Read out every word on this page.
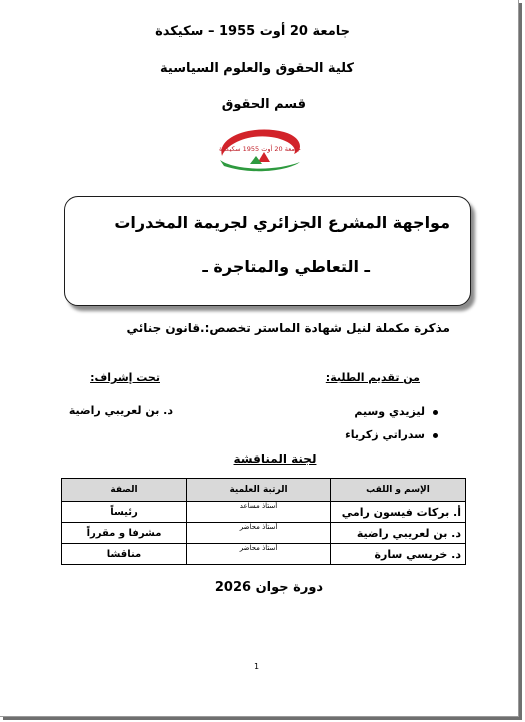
جامعة 20 أوت 1955 – سكيكدة
كلية الحقوق والعلوم السياسية
قسم الحقوق
جامعة 20 أوت 1955 سكيكدة
مواجهة المشرع الجزائري لجريمة المخدرات
ـ التعاطي والمتاجرة ـ
مذكرة مكملة لنيل شهادة الماستر تخصص:.قانون جنائي
من تقديم الطلبة:
تحت إشراف:
ليزيدي وسيم
سدراتي زكرياء
د. بن لعريبي راضية
لجنة المناقشة
الإسم و اللقب	الرتبة العلمية	الصفة
أ. بركات فيسون رامي	أستاذ مساعد	رئيساً
د. بن لعريبي راضية	أستاذ محاضر	مشرفا و مقرراً
د. خريسي سارة	أستاذ محاضر	مناقشا
دورة جوان 2026
1
